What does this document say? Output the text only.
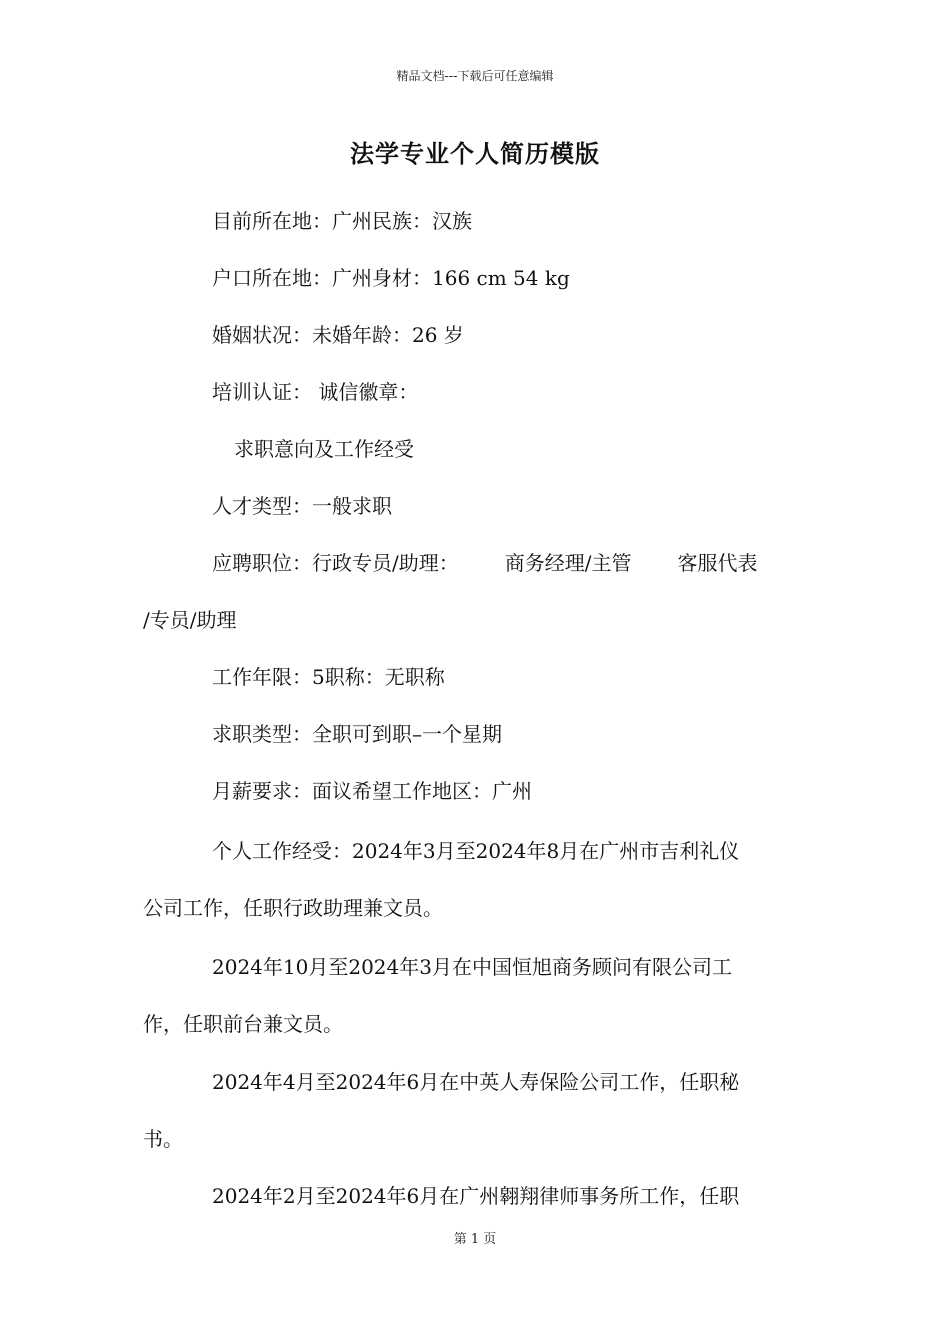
精品文档---下载后可任意编辑
法学专业个人简历模版
目前所在地：广州民族：汉族
户口所在地：广州身材：166 cm 54 kg
婚姻状况：未婚年龄：26 岁
培训认证： 诚信徽章：
求职意向及工作经受
人才类型：一般求职
应聘职位：行政专员/助理： 商务经理/主管 客服代表
/专员/助理
工作年限：5职称：无职称
求职类型：全职可到职–一个星期
月薪要求：面议希望工作地区：广州
个人工作经受：2024年3月至2024年8月在广州市吉利礼仪
公司工作，任职行政助理兼文员。
2024年10月至2024年3月在中国恒旭商务顾问有限公司工
作，任职前台兼文员。
2024年4月至2024年6月在中英人寿保险公司工作，任职秘
书。
2024年2月至2024年6月在广州翱翔律师事务所工作，任职
第 1 页
